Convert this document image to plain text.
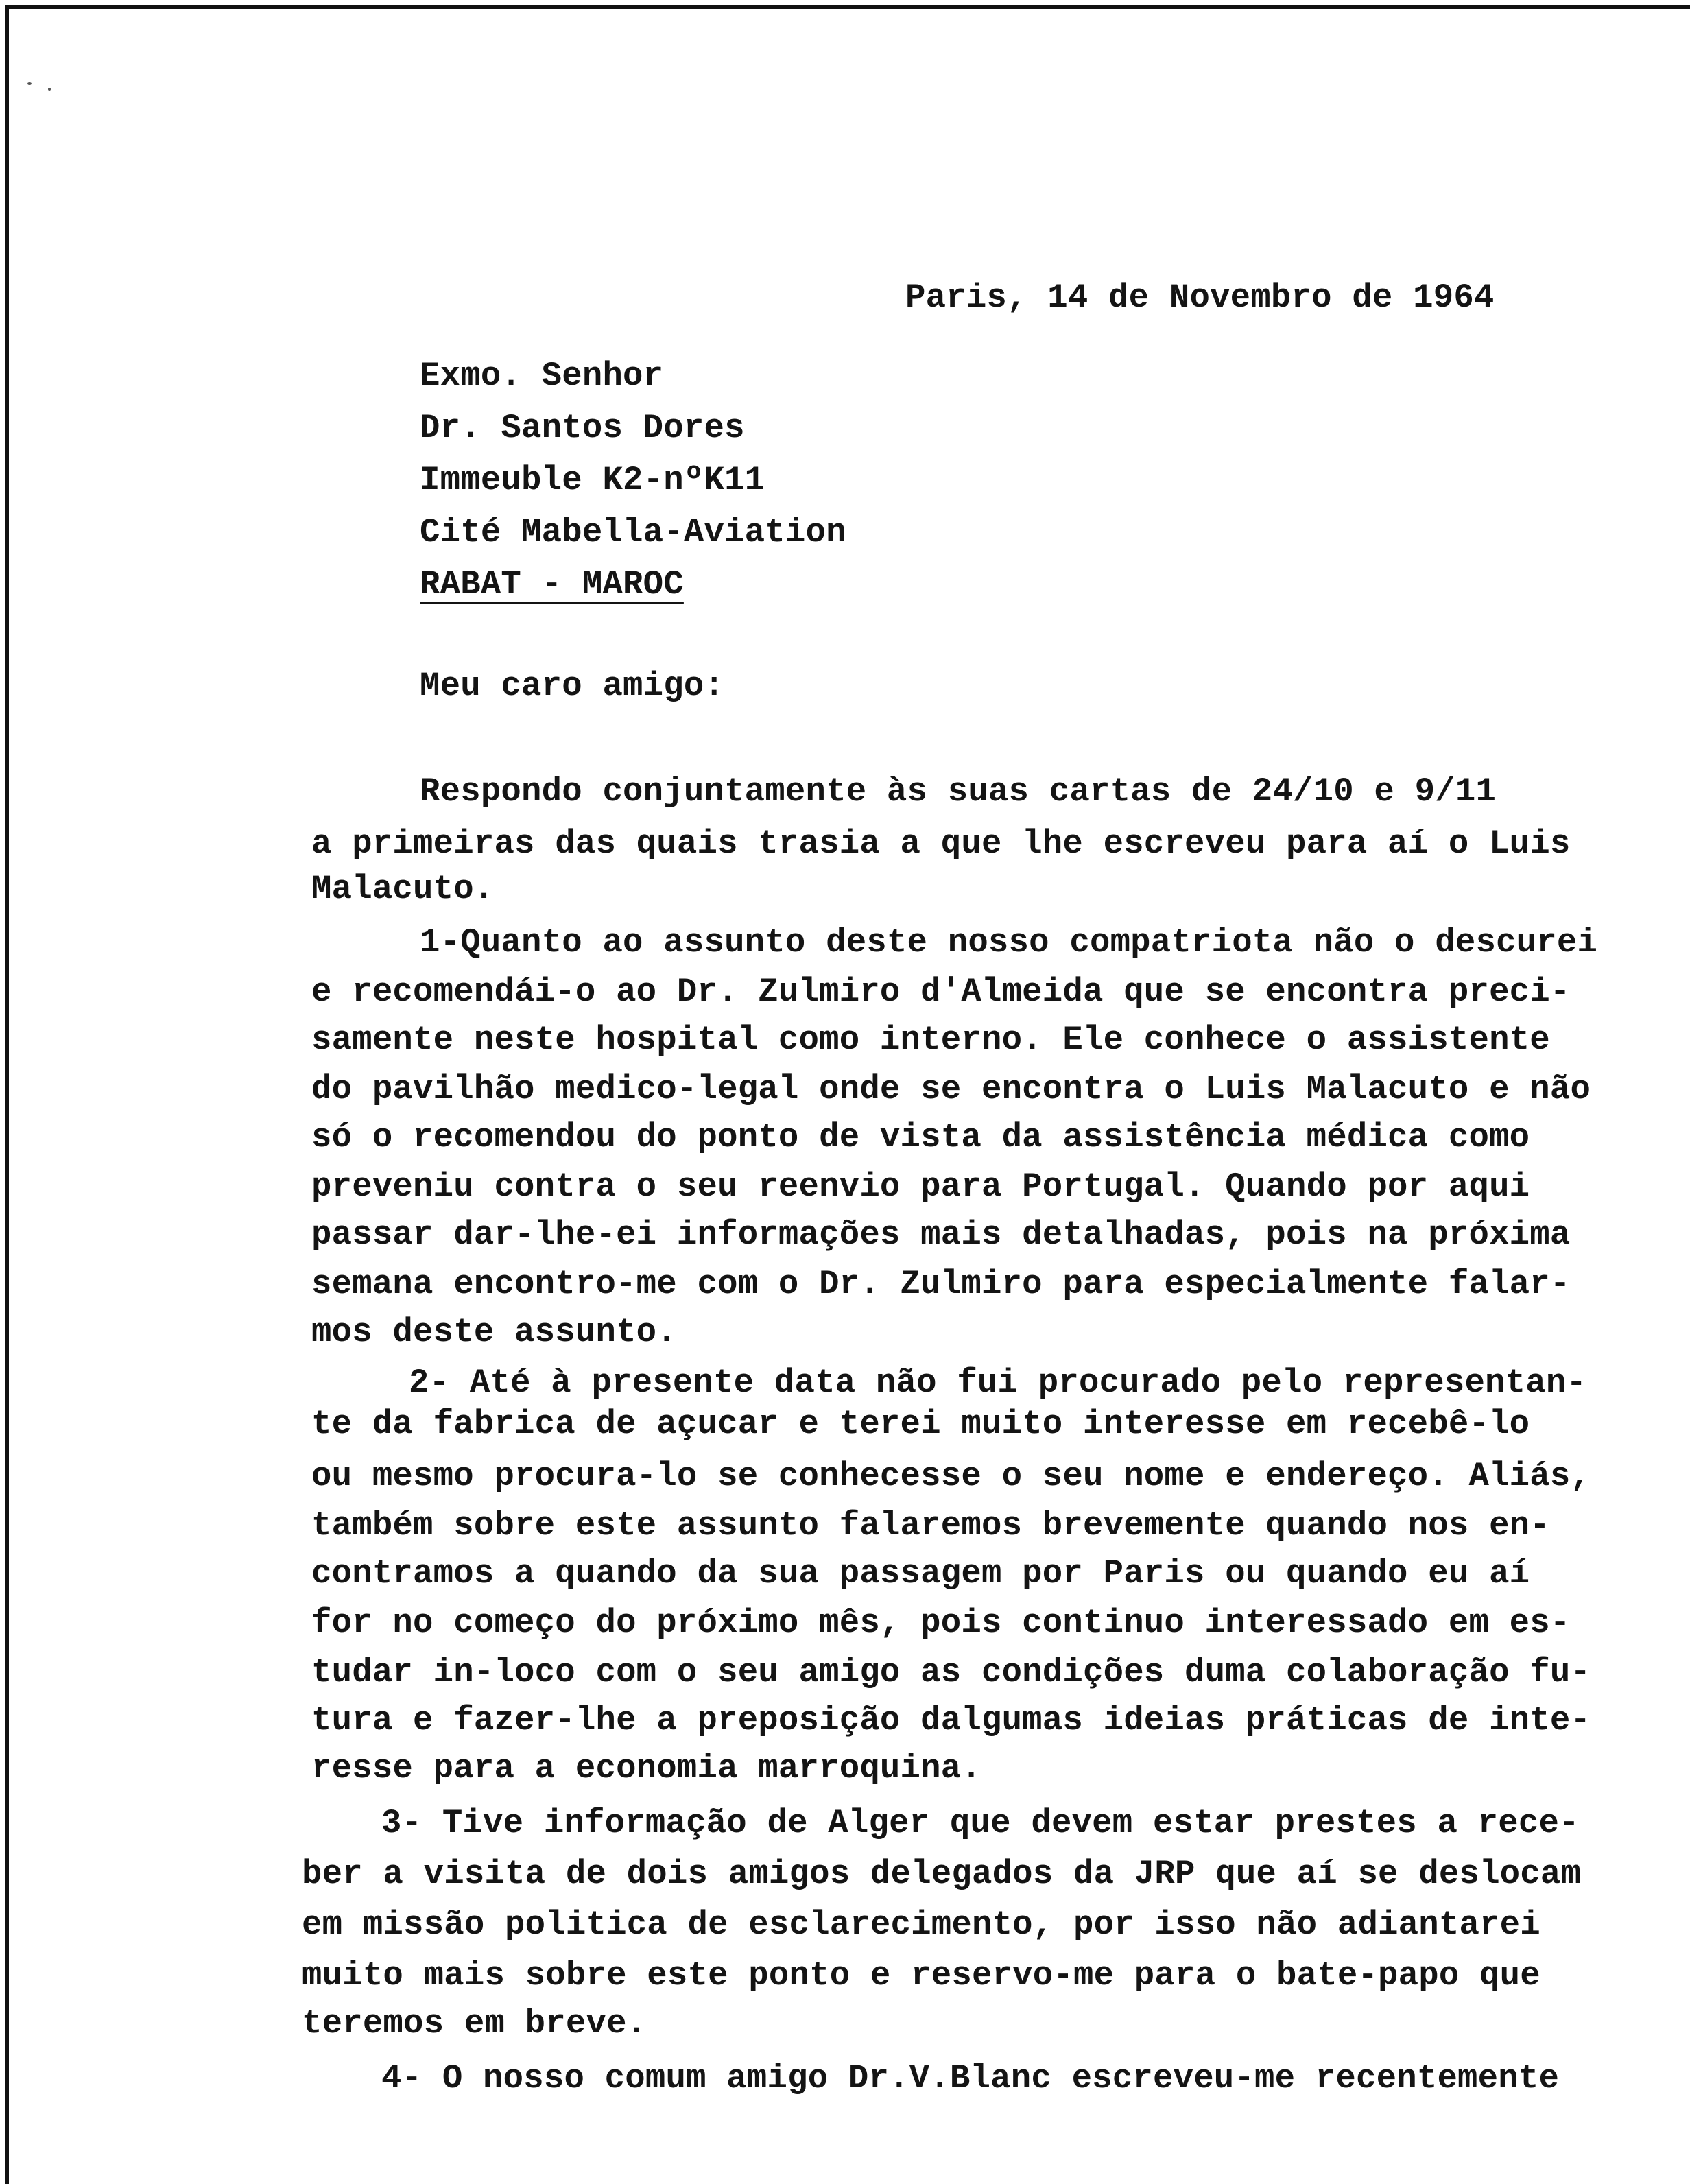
Paris, 14 de Novembro de 1964
Exmo. Senhor
Dr. Santos Dores
Immeuble K2-nºK11
Cité Mabella-Aviation
RABAT - MAROC
Meu caro amigo:
Respondo conjuntamente às suas cartas de 24/10 e 9/11
a primeiras das quais trasia a que lhe escreveu para aí o Luis
Malacuto.
1-Quanto ao assunto deste nosso compatriota não o descurei
e recomendái-o ao Dr. Zulmiro d'Almeida que se encontra preci-
samente neste hospital como interno. Ele conhece o assistente
do pavilhão medico-legal onde se encontra o Luis Malacuto e não
só o recomendou do ponto de vista da assistência médica como
preveniu contra o seu reenvio para Portugal. Quando por aqui
passar dar-lhe-ei informações mais detalhadas, pois na próxima
semana encontro-me com o Dr. Zulmiro para especialmente falar-
mos deste assunto.
2- Até à presente data não fui procurado pelo representan-
te da fabrica de açucar e terei muito interesse em recebê-lo
ou mesmo procura-lo se conhecesse o seu nome e endereço. Aliás,
também sobre este assunto falaremos brevemente quando nos en-
contramos a quando da sua passagem por Paris ou quando eu aí
for no começo do próximo mês, pois continuo interessado em es-
tudar in-loco com o seu amigo as condições duma colaboração fu-
tura e fazer-lhe a preposição dalgumas ideias práticas de inte-
resse para a economia marroquina.
3- Tive informação de Alger que devem estar prestes a rece-
ber a visita de dois amigos delegados da JRP que aí se deslocam
em missão politica de esclarecimento, por isso não adiantarei
muito mais sobre este ponto e reservo-me para o bate-papo que
teremos em breve.
4- O nosso comum amigo Dr.V.Blanc escreveu-me recentemente
